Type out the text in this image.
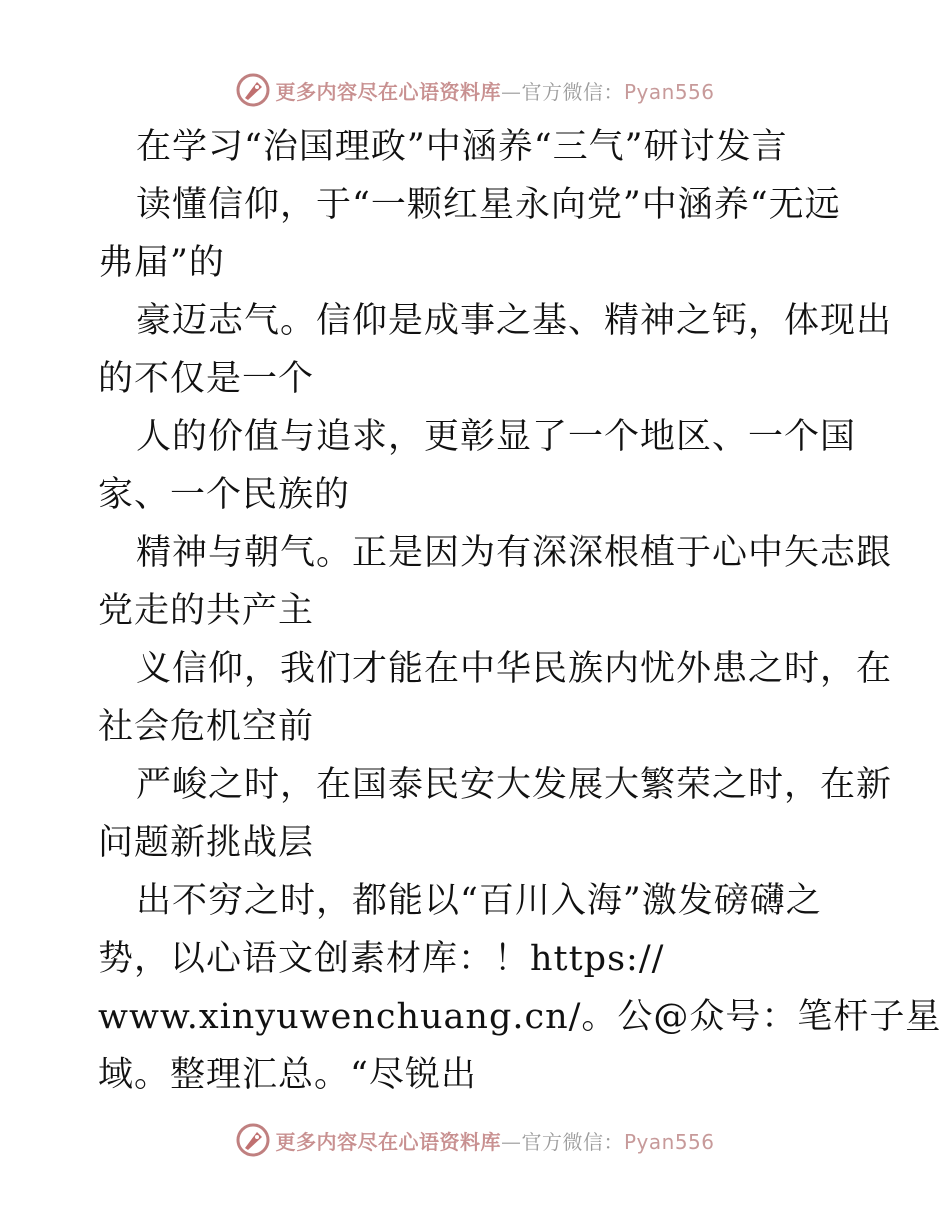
更多内容尽在心语资料库—官方微信：Pyan556
在学习“治国理政”中涵养“三气”研讨发言
读懂信仰，于“一颗红星永向党”中涵养“无远
弗届”的
豪迈志气。信仰是成事之基、精神之钙，体现出
的不仅是一个
人的价值与追求，更彰显了一个地区、一个国
家、一个民族的
精神与朝气。正是因为有深深根植于心中矢志跟
党走的共产主
义信仰，我们才能在中华民族内忧外患之时，在
社会危机空前
严峻之时，在国泰民安大发展大繁荣之时，在新
问题新挑战层
出不穷之时，都能以“百川入海”激发磅礴之
势，以心语文创素材库：！https://
www.xinyuwenchuang.cn/。公@众号：笔杆子星
域。整理汇总。“尽锐出
更多内容尽在心语资料库—官方微信：Pyan556
